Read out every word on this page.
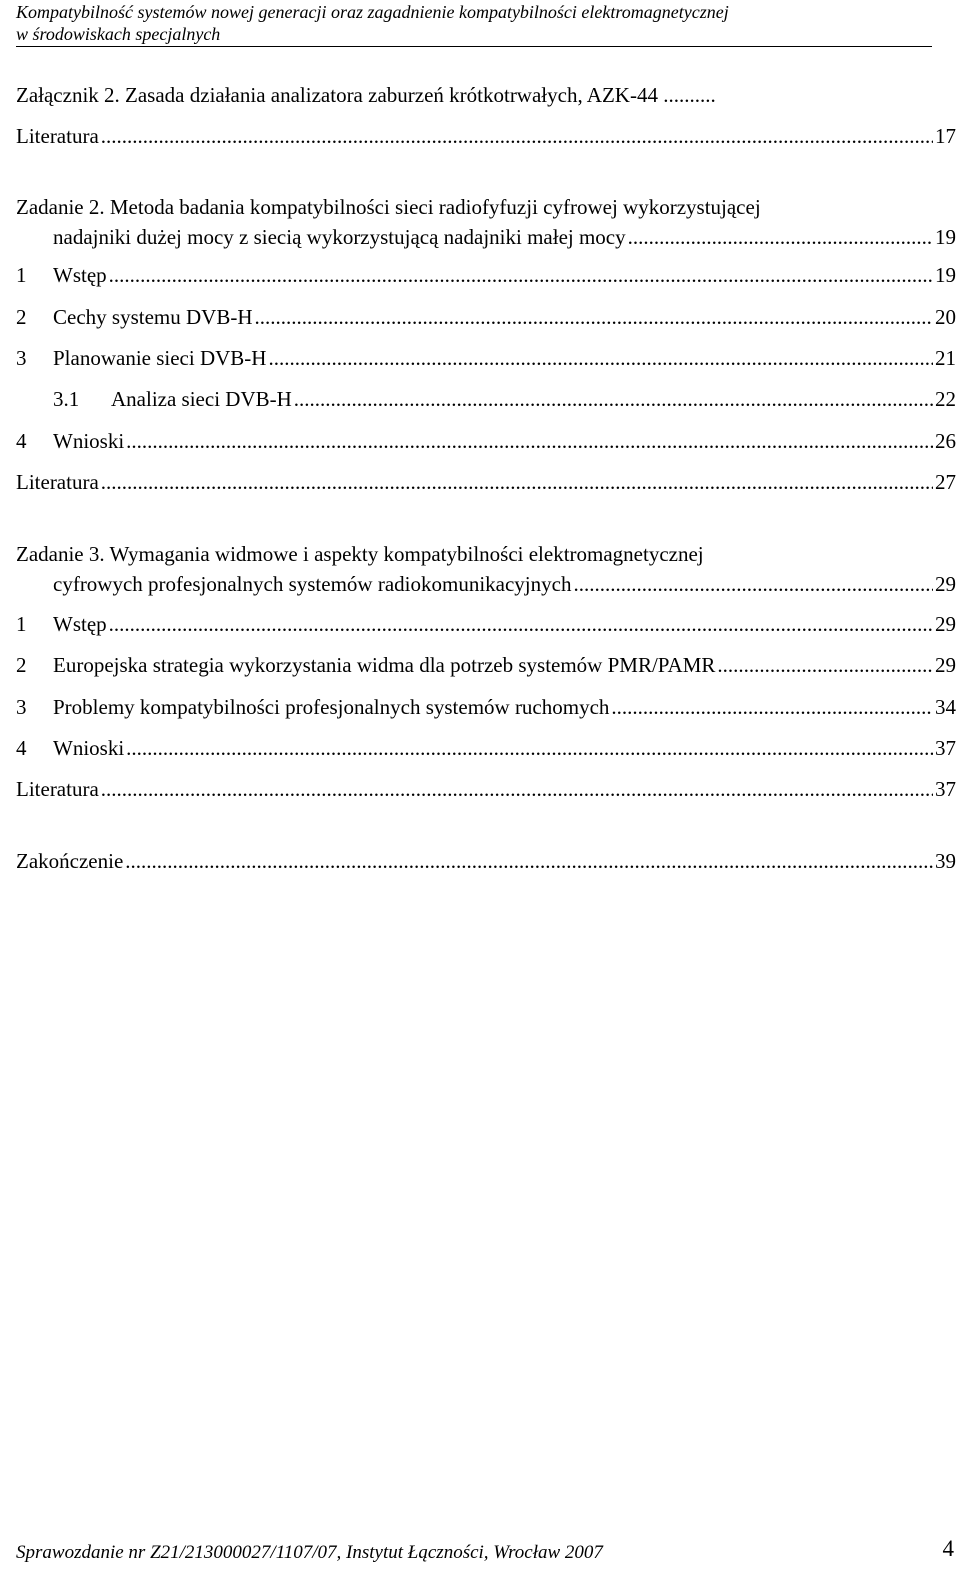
Kompatybilność systemów nowej generacji oraz zagadnienie kompatybilności elektromagnetycznej
w środowiskach specjalnych
Załącznik 2. Zasada działania analizatora zaburzeń krótkotrwałych, AZK-44 ..........
Literatura .....	17
Zadanie 2. Metoda badania kompatybilności sieci radiofyfuzji cyfrowej wykorzystującej
nadajniki dużej mocy z siecią wykorzystującą nadajniki małej mocy .....	19
1	Wstęp .....	19
2	Cechy systemu DVB-H .....	20
3	Planowanie sieci DVB-H .....	21
3.1	Analiza sieci DVB-H .....	22
4	Wnioski .....	26
Literatura .....	27
Zadanie 3. Wymagania widmowe i aspekty kompatybilności elektromagnetycznej
cyfrowych profesjonalnych systemów radiokomunikacyjnych .....	29
1	Wstęp .....	29
2	Europejska strategia wykorzystania widma dla potrzeb systemów PMR/PAMR .....	29
3	Problemy kompatybilności profesjonalnych systemów ruchomych .....	34
4	Wnioski .....	37
Literatura .....	37
Zakończenie .....	39
Sprawozdanie nr Z21/213000027/1107/07, Instytut Łączności, Wrocław 2007	4
